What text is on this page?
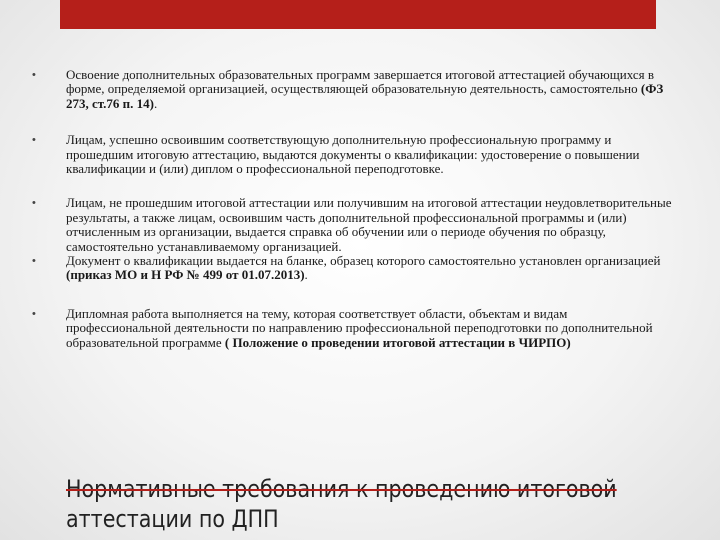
• Освоение дополнительных образовательных программ завершается итоговой аттестацией обучающихся в форме, определяемой организацией, осуществляющей образовательную деятельность, самостоятельно (ФЗ 273, ст.76 п. 14).
• Лицам, успешно освоившим соответствующую дополнительную профессиональную программу и прошедшим итоговую аттестацию, выдаются документы о квалификации: удостоверение о повышении квалификации и (или) диплом о профессиональной переподготовке.
• Лицам, не прошедшим итоговой аттестации или получившим на итоговой аттестации неудовлетворительные результаты, а также лицам, освоившим часть дополнительной профессиональной программы и (или) отчисленным из организации, выдается справка об обучении или о периоде обучения по образцу, самостоятельно устанавливаемому организацией.
• Документ о квалификации выдается на бланке, образец которого самостоятельно установлен организацией (приказ МО и Н РФ № 499 от 01.07.2013).
• Дипломная работа выполняется на тему, которая соответствует области, объектам и видам профессиональной деятельности по направлению профессиональной переподготовки по дополнительной образовательной программе ( Положение о проведении итоговой аттестации в ЧИРПО)
Нормативные требования к проведению итоговой
аттестации по ДПП
